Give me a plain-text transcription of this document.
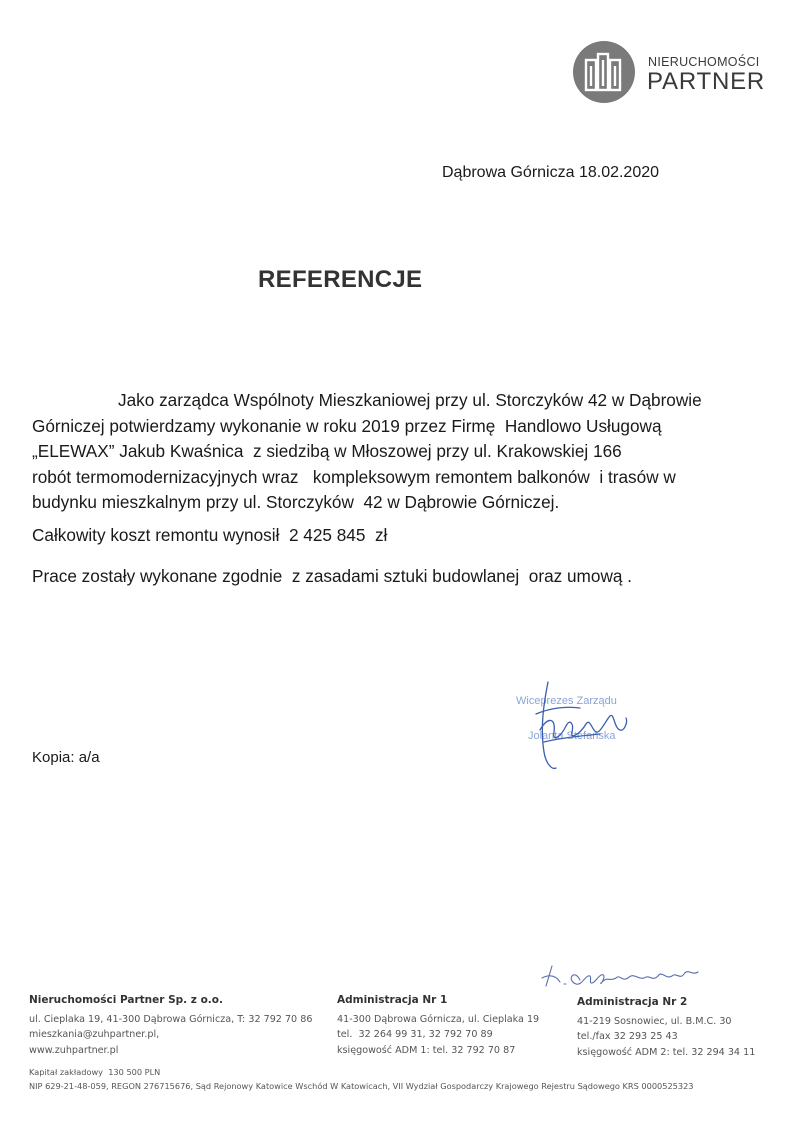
NIERUCHOMOŚCI
PARTNER
Dąbrowa Górnicza 18.02.2020
REFERENCJE
Jako zarządca Wspólnoty Mieszkaniowej przy ul. Storczyków 42 w Dąbrowie
Górniczej potwierdzamy wykonanie w roku 2019 przez Firmę  Handlowo Usługową
„ELEWAX” Jakub Kwaśnica  z siedzibą w Młoszowej przy ul. Krakowskiej 166
robót termomodernizacyjnych wraz   kompleksowym remontem balkonów  i trasów w
budynku mieszkalnym przy ul. Storczyków  42 w Dąbrowie Górniczej.
Całkowity koszt remontu wynosił  2 425 845  zł
Prace zostały wykonane zgodnie  z zasadami sztuki budowlanej  oraz umową .
Wiceprezes Zarządu
Jolanta Stefańska
Kopia: a/a
Nieruchomości Partner Sp. z o.o.
ul. Cieplaka 19, 41-300 Dąbrowa Górnicza, T: 32 792 70 86
mieszkania@zuhpartner.pl,
www.zuhpartner.pl
Administracja Nr 1
41-300 Dąbrowa Górnicza, ul. Cieplaka 19
tel.  32 264 99 31, 32 792 70 89
księgowość ADM 1: tel. 32 792 70 87
Administracja Nr 2
41-219 Sosnowiec, ul. B.M.C. 30
tel./fax 32 293 25 43
księgowość ADM 2: tel. 32 294 34 11
Kapitał zakładowy  130 500 PLN
NIP 629-21-48-059, REGON 276715676, Sąd Rejonowy Katowice Wschód W Katowicach, VII Wydział Gospodarczy Krajowego Rejestru Sądowego KRS 0000525323
